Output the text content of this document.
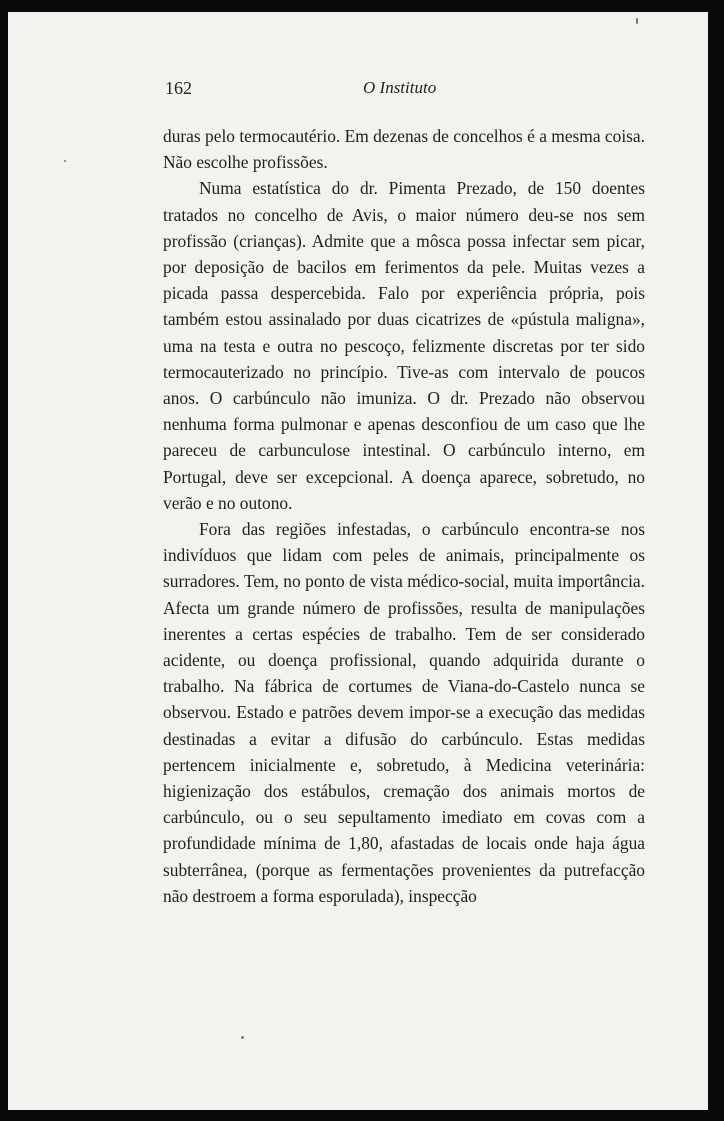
162	O Instituto

duras pelo termocautério. Em dezenas de concelhos é a mesma coisa. Não escolhe profissões.

Numa estatística do dr. Pimenta Prezado, de 150 doentes tratados no concelho de Avis, o maior número deu-se nos sem profissão (crianças). Admite que a môsca possa infectar sem picar, por deposição de bacilos em ferimentos da pele. Muitas vezes a picada passa despercebida. Falo por experiência própria, pois também estou assinalado por duas cicatrizes de «pústula maligna», uma na testa e outra no pescoço, felizmente discretas por ter sido termocauterizado no princípio. Tive-as com intervalo de poucos anos. O carbúnculo não imuniza. O dr. Prezado não observou nenhuma forma pulmonar e apenas desconfiou de um caso que lhe pareceu de carbunculose intestinal. O carbúnculo interno, em Portugal, deve ser excepcional. A doença aparece, sobretudo, no verão e no outono.

Fora das regiões infestadas, o carbúnculo encontra-se nos indivíduos que lidam com peles de animais, principalmente os surradores. Tem, no ponto de vista médico-social, muita importância. Afecta um grande número de profissões, resulta de manipulações inerentes a certas espécies de trabalho. Tem de ser considerado acidente, ou doença profissional, quando adquirida durante o trabalho. Na fábrica de cortumes de Viana-do-Castelo nunca se observou. Estado e patrões devem impor-se a execução das medidas destinadas a evitar a difusão do carbúnculo. Estas medidas pertencem inicialmente e, sobretudo, à Medicina veterinária: higienização dos estábulos, cremação dos animais mortos de carbúnculo, ou o seu sepultamento imediato em covas com a profundidade mínima de 1,80, afastadas de locais onde haja água subterrânea, (porque as fermentações provenientes da putrefacção não destroem a forma esporulada), inspecção
